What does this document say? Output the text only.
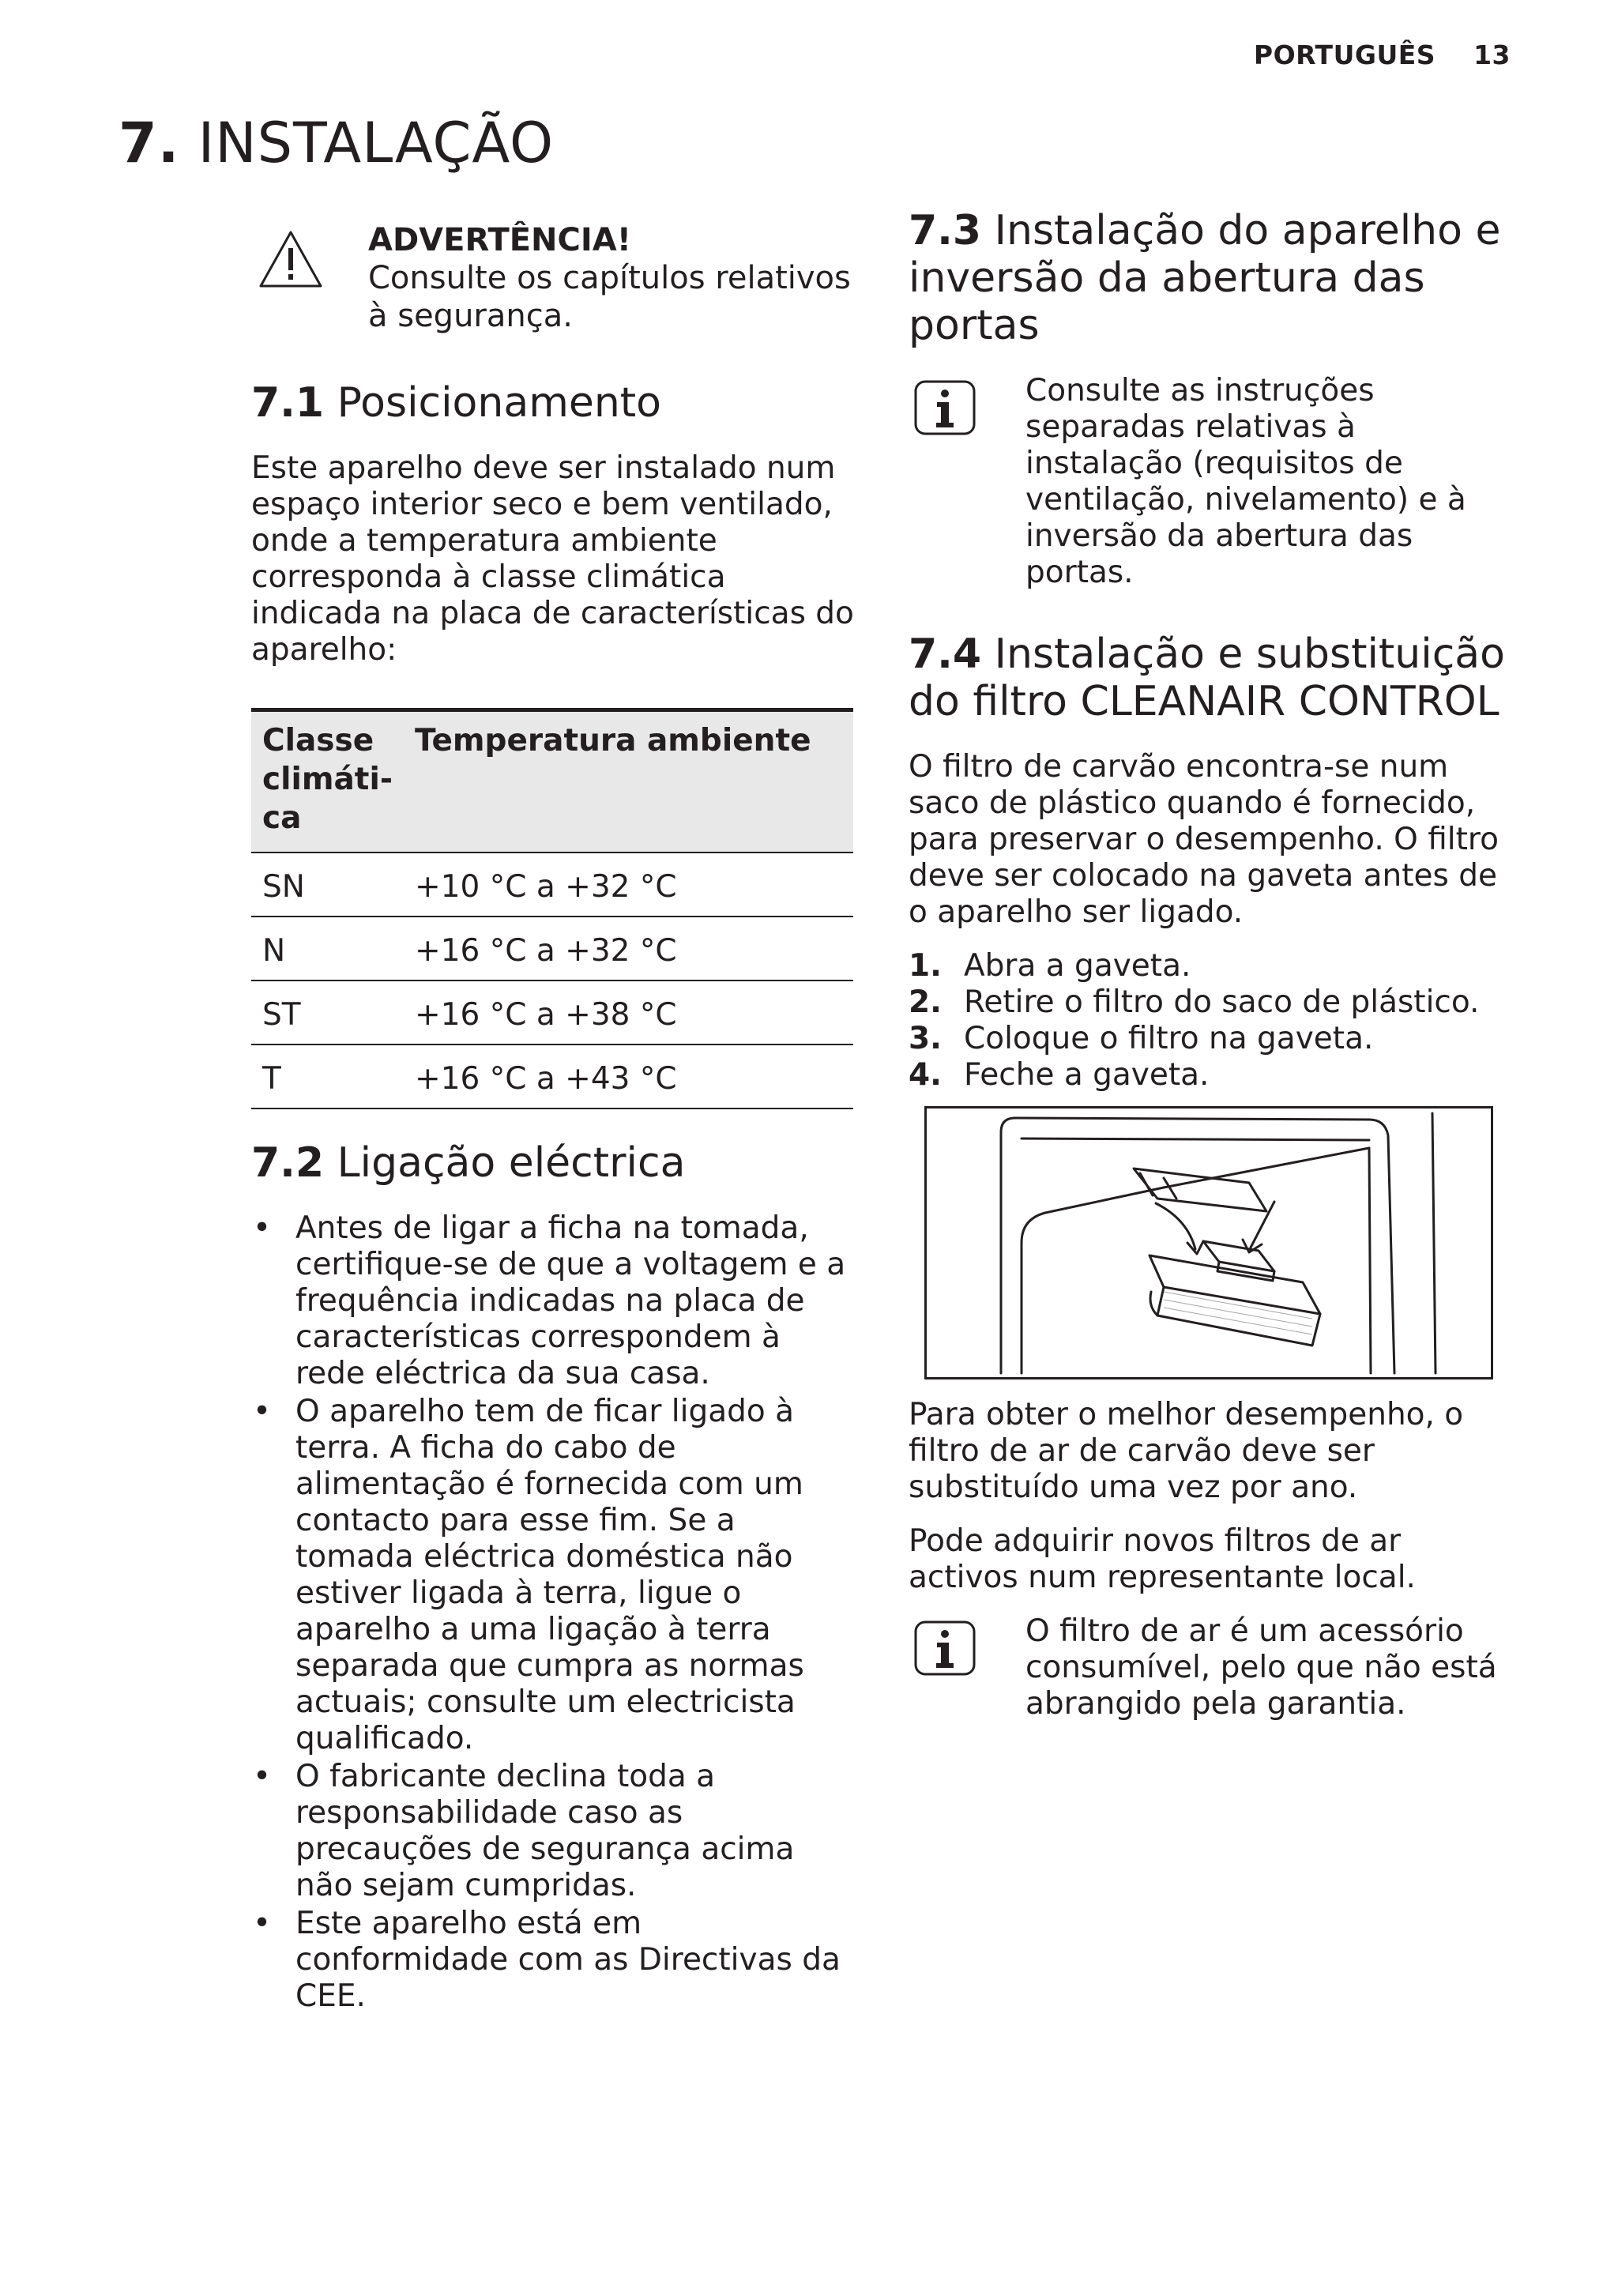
PORTUGUÊS 13
7. INSTALAÇÃO
ADVERTÊNCIA!
Consulte os capítulos relativos à segurança.
7.1 Posicionamento

Este aparelho deve ser instalado num espaço interior seco e bem ventilado, onde a temperatura ambiente corresponda à classe climática indicada na placa de características do aparelho:

Classe
climáti-
ca	Temperatura ambiente
SN	+10 °C a +32 °C
N	+16 °C a +32 °C
ST	+16 °C a +38 °C
T	+16 °C a +43 °C
7.2 Ligação eléctrica
• Antes de ligar a ficha na tomada, certifique-se de que a voltagem e a frequência indicadas na placa de características correspondem à rede eléctrica da sua casa.
• O aparelho tem de ficar ligado à terra. A ficha do cabo de alimentação é fornecida com um contacto para esse fim. Se a tomada eléctrica doméstica não estiver ligada à terra, ligue o aparelho a uma ligação à terra separada que cumpra as normas actuais; consulte um electricista qualificado.
• O fabricante declina toda a responsabilidade caso as precauções de segurança acima não sejam cumpridas.
• Este aparelho está em conformidade com as Directivas da CEE.
7.3 Instalação do aparelho e inversão da abertura das portas
Consulte as instruções separadas relativas à instalação (requisitos de ventilação, nivelamento) e à inversão da abertura das portas.
7.4 Instalação e substituição do filtro CLEANAIR CONTROL

O filtro de carvão encontra-se num saco de plástico quando é fornecido, para preservar o desempenho. O filtro deve ser colocado na gaveta antes de o aparelho ser ligado.

1. Abra a gaveta.
2. Retire o filtro do saco de plástico.
3. Coloque o filtro na gaveta.
4. Feche a gaveta.

Para obter o melhor desempenho, o filtro de ar de carvão deve ser substituído uma vez por ano.

Pode adquirir novos filtros de ar activos num representante local.

O filtro de ar é um acessório consumível, pelo que não está abrangido pela garantia.
